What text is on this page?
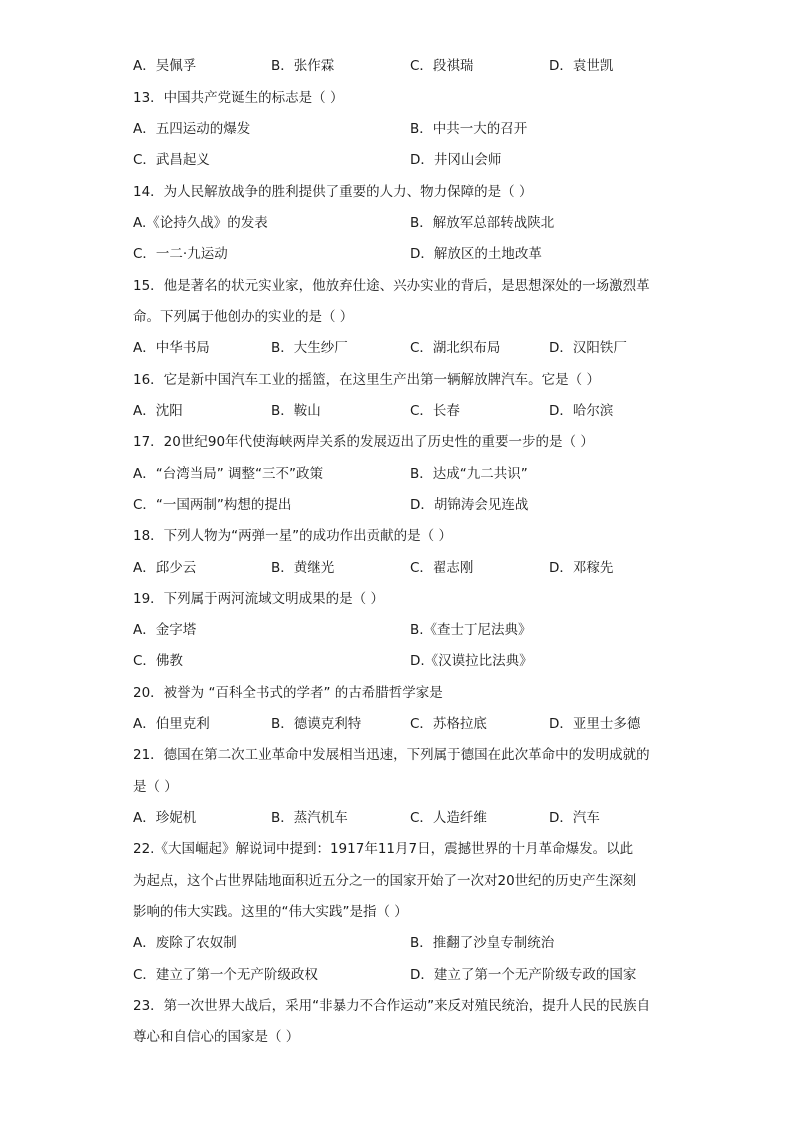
A．吴佩孚	B．张作霖	C．段祺瑞	D．袁世凯
13．中国共产党诞生的标志是（ ）
A．五四运动的爆发	B．中共一大的召开
C．武昌起义	D．井冈山会师
14．为人民解放战争的胜利提供了重要的人力、物力保障的是（ ）
A.《论持久战》的发表	B．解放军总部转战陕北
C．一二·九运动	D．解放区的土地改革
15．他是著名的状元实业家，他放弃仕途、兴办实业的背后，是思想深处的一场激烈革
命。下列属于他创办的实业的是（ ）
A．中华书局	B．大生纱厂	C．湖北织布局	D．汉阳铁厂
16．它是新中国汽车工业的摇篮，在这里生产出第一辆解放牌汽车。它是（ ）
A．沈阳	B．鞍山	C．长春	D．哈尔滨
17．20世纪90年代使海峡两岸关系的发展迈出了历史性的重要一步的是（ ）
A．“台湾当局” 调整“三不”政策	B．达成“九二共识”
C．“一国两制”构想的提出	D．胡锦涛会见连战
18．下列人物为“两弹一星”的成功作出贡献的是（ ）
A．邱少云	B．黄继光	C．翟志刚	D．邓稼先
19．下列属于两河流域文明成果的是（ ）
A．金字塔	B.《查士丁尼法典》
C．佛教	D.《汉谟拉比法典》
20．被誉为 “百科全书式的学者” 的古希腊哲学家是
A．伯里克利	B．德谟克利特	C．苏格拉底	D．亚里士多德
21．德国在第二次工业革命中发展相当迅速，下列属于德国在此次革命中的发明成就的
是（ ）
A．珍妮机	B．蒸汽机车	C．人造纤维	D．汽车
22.《大国崛起》解说词中提到：1917年11月7日，震撼世界的十月革命爆发。以此
为起点，这个占世界陆地面积近五分之一的国家开始了一次对20世纪的历史产生深刻
影响的伟大实践。这里的“伟大实践”是指（ ）
A．废除了农奴制	B．推翻了沙皇专制统治
C．建立了第一个无产阶级政权	D．建立了第一个无产阶级专政的国家
23．第一次世界大战后，采用“非暴力不合作运动”来反对殖民统治，提升人民的民族自
尊心和自信心的国家是（ ）
